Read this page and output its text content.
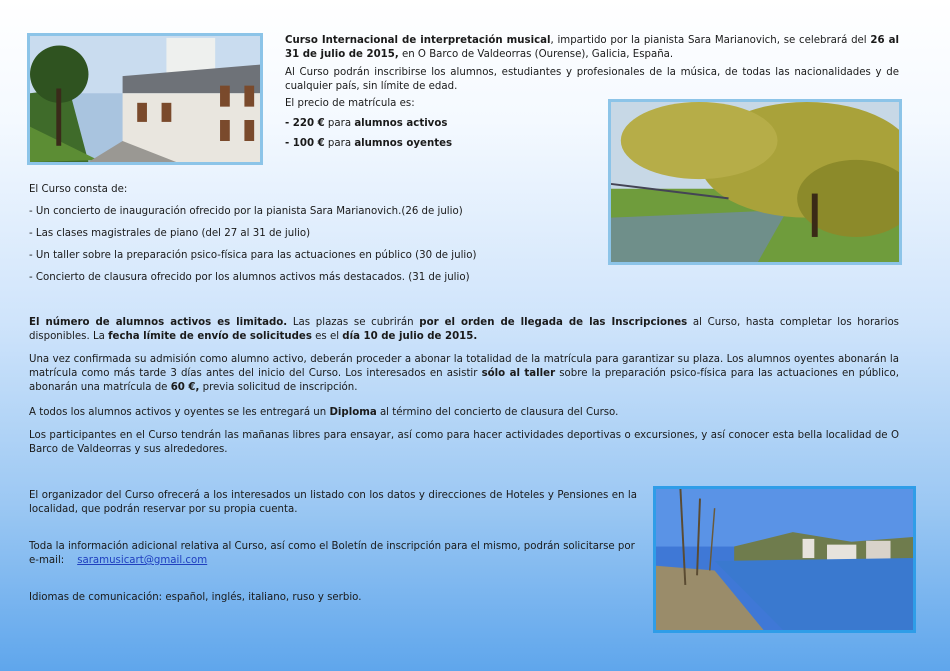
Curso Internacional de interpretación musical, impartido por la pianista Sara Marianovich, se celebrará del 26 al 31 de julio de 2015, en O Barco de Valdeorras (Ourense), Galicia, España.
Al Curso podrán inscribirse los alumnos, estudiantes y profesionales de la música, de todas las nacionalidades y de cualquier país, sin límite de edad.
El precio de matrícula es:
- 220 € para alumnos activos
- 100 € para alumnos oyentes
El Curso consta de:
- Un concierto de inauguración ofrecido por la pianista Sara Marianovich.(26 de julio)
- Las clases magistrales de piano (del 27 al 31 de julio)
- Un taller sobre la preparación psico-física para las actuaciones en público (30 de julio)
- Concierto de clausura ofrecido por los alumnos activos más destacados. (31 de julio)
El número de alumnos activos es limitado. Las plazas se cubrirán por el orden de llegada de las Inscripciones al Curso, hasta completar los horarios disponibles. La fecha límite de envío de solicitudes es el día 10 de julio de 2015.
Una vez confirmada su admisión como alumno activo, deberán proceder a abonar la totalidad de la matrícula para garantizar su plaza. Los alumnos oyentes abonarán la matrícula como más tarde 3 días antes del inicio del Curso. Los interesados en asistir sólo al taller sobre la preparación psico-física para las actuaciones en público, abonarán una matrícula de 60 €, previa solicitud de inscripción.
A todos los alumnos activos y oyentes se les entregará un Diploma al término del concierto de clausura del Curso.
Los participantes en el Curso tendrán las mañanas libres para ensayar, así como para hacer actividades deportivas o excursiones, y así conocer esta bella localidad de O Barco de Valdeorras y sus alrededores.
El organizador del Curso ofrecerá a los interesados un listado con los datos y direcciones de Hoteles y Pensiones en la localidad, que podrán reservar por su propia cuenta.
Toda la información adicional relativa al Curso, así como el Boletín de inscripción para el mismo, podrán solicitarse por e-mail: saramusicart@gmail.com
Idiomas de comunicación: español, inglés, italiano, ruso y serbio.
